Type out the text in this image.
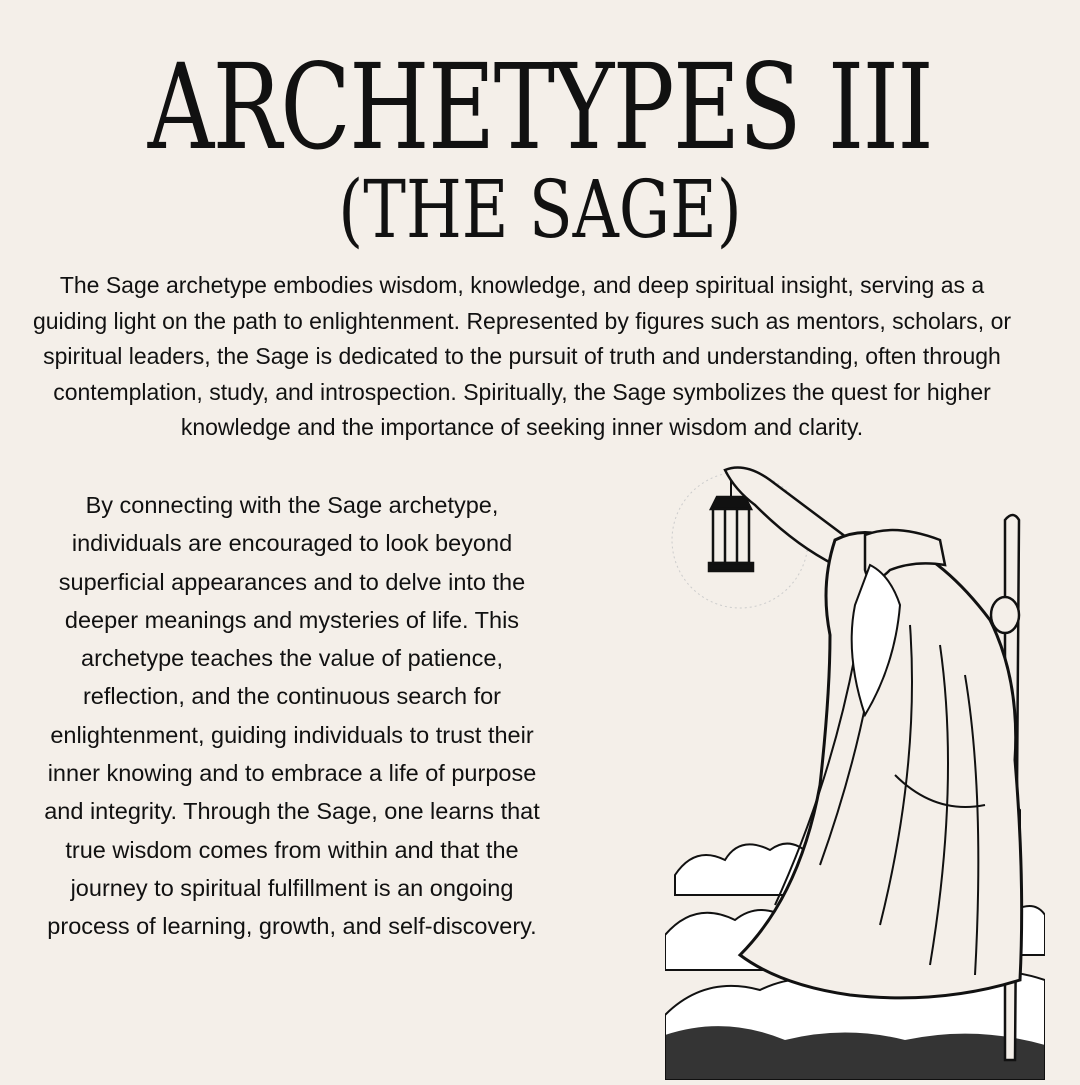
ARCHETYPES III
(THE SAGE)

The Sage archetype embodies wisdom, knowledge, and deep spiritual insight, serving as a guiding light on the path to enlightenment. Represented by figures such as mentors, scholars, or spiritual leaders, the Sage is dedicated to the pursuit of truth and understanding, often through contemplation, study, and introspection. Spiritually, the Sage symbolizes the quest for higher knowledge and the importance of seeking inner wisdom and clarity.

By connecting with the Sage archetype, individuals are encouraged to look beyond superficial appearances and to delve into the deeper meanings and mysteries of life. This archetype teaches the value of patience, reflection, and the continuous search for enlightenment, guiding individuals to trust their inner knowing and to embrace a life of purpose and integrity. Through the Sage, one learns that true wisdom comes from within and that the journey to spiritual fulfillment is an ongoing process of learning, growth, and self-discovery.
